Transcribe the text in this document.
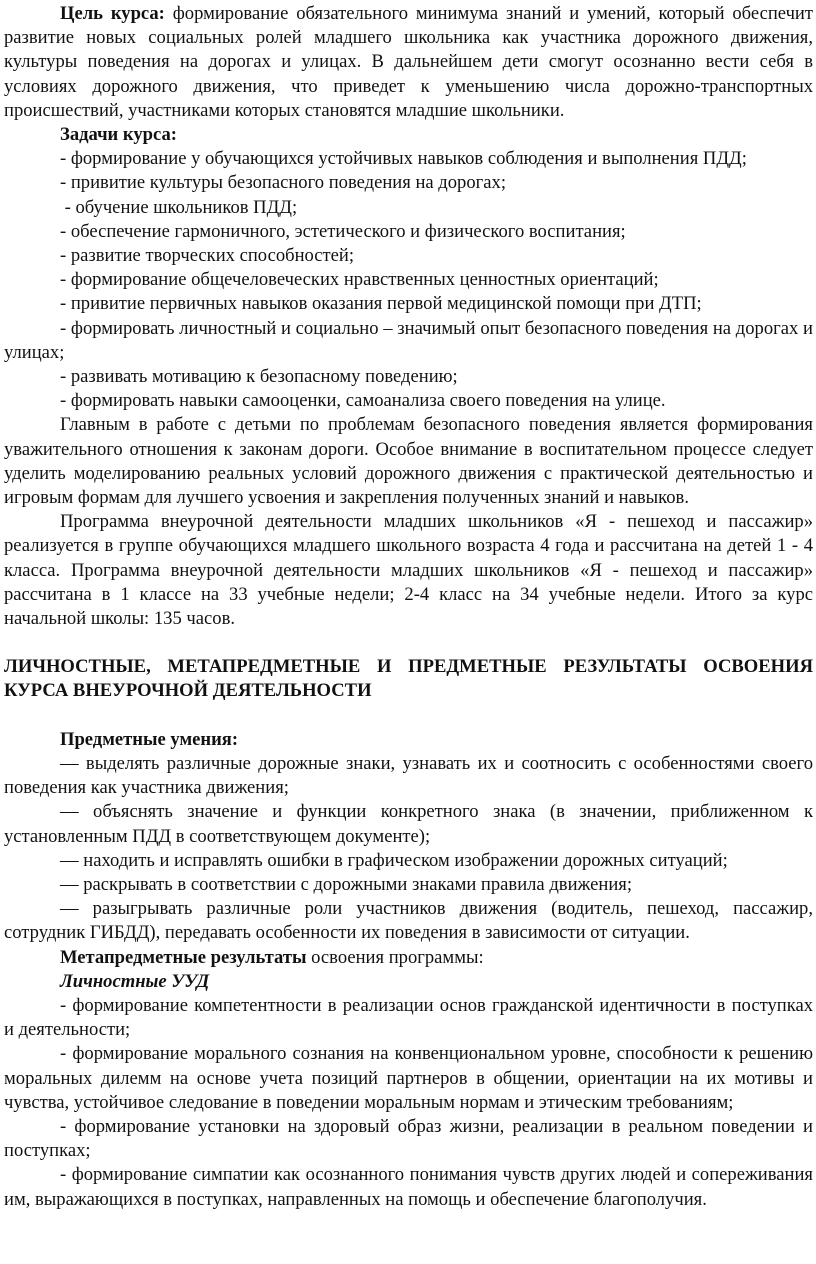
Цель курса: формирование обязательного минимума знаний и умений, который обеспечит развитие новых социальных ролей младшего школьника как участника дорожного движения, культуры поведения на дорогах и улицах. В дальнейшем дети смогут осознанно вести себя в условиях дорожного движения, что приведет к уменьшению числа дорожно-транспортных происшествий, участниками которых становятся младшие школьники.

Задачи курса:

- формирование у обучающихся устойчивых навыков соблюдения и выполнения ПДД;

- привитие культуры безопасного поведения на дорогах;

- обучение школьников ПДД;

- обеспечение гармоничного, эстетического и физического воспитания;

- развитие творческих способностей;

- формирование общечеловеческих нравственных ценностных ориентаций;

- привитие первичных навыков оказания первой медицинской помощи при ДТП;

- формировать личностный и социально – значимый опыт безопасного поведения на дорогах и улицах;

- развивать мотивацию к безопасному поведению;

- формировать навыки самооценки, самоанализа своего поведения на улице.

Главным в работе с детьми по проблемам безопасного поведения является формирования уважительного отношения к законам дороги. Особое внимание в воспитательном процессе следует уделить моделированию реальных условий дорожного движения с практической деятельностью и игровым формам для лучшего усвоения и закрепления полученных знаний и навыков.

Программа внеурочной деятельности младших школьников «Я - пешеход и пассажир» реализуется в группе обучающихся младшего школьного возраста 4 года и рассчитана на детей 1 - 4 класса. Программа внеурочной деятельности младших школьников «Я - пешеход и пассажир» рассчитана в 1 классе на 33 учебные недели; 2-4 класс на 34 учебные недели. Итого за курс начальной школы: 135 часов.

ЛИЧНОСТНЫЕ, МЕТАПРЕДМЕТНЫЕ И ПРЕДМЕТНЫЕ РЕЗУЛЬТАТЫ ОСВОЕНИЯ КУРСА ВНЕУРОЧНОЙ ДЕЯТЕЛЬНОСТИ

Предметные умения:

— выделять различные дорожные знаки, узнавать их и соотносить с особенностями своего поведения как участника движения;

— объяснять значение и функции конкретного знака (в значении, приближенном к установленным ПДД в соответствующем документе);

— находить и исправлять ошибки в графическом изображении дорожных ситуаций;

— раскрывать в соответствии с дорожными знаками правила движения;

— разыгрывать различные роли участников движения (водитель, пешеход, пассажир, сотрудник ГИБДД), передавать особенности их поведения в зависимости от ситуации.

Метапредметные результаты освоения программы:

Личностные УУД

- формирование компетентности в реализации основ гражданской идентичности в поступках и деятельности;

- формирование морального сознания на конвенциональном уровне, способности к решению моральных дилемм на основе учета позиций партнеров в общении, ориентации на их мотивы и чувства, устойчивое следование в поведении моральным нормам и этическим требованиям;

- формирование установки на здоровый образ жизни, реализации в реальном поведении и поступках;

- формирование симпатии как осознанного понимания чувств других людей и сопереживания им, выражающихся в поступках, направленных на помощь и обеспечение благополучия.
